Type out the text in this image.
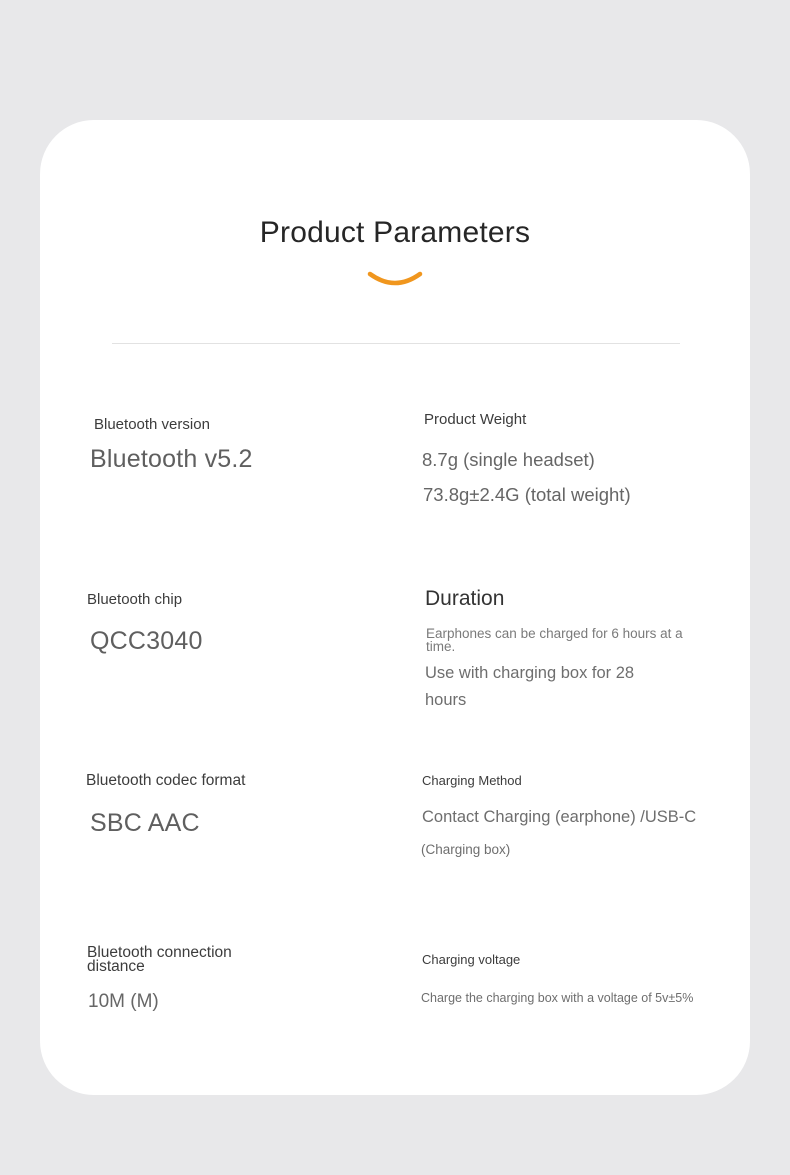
Product Parameters

Bluetooth version

Bluetooth v5.2

Product Weight

8.7g (single headset)

73.8g±2.4G (total weight)

Bluetooth chip

QCC3040

Duration

Earphones can be charged for 6 hours at a time.

Use with charging box for 28 hours

Bluetooth codec format

SBC AAC

Charging Method

Contact Charging (earphone) /USB-C

(Charging box)

Bluetooth connection distance

10M (M)

Charging voltage

Charge the charging box with a voltage of 5v±5%
